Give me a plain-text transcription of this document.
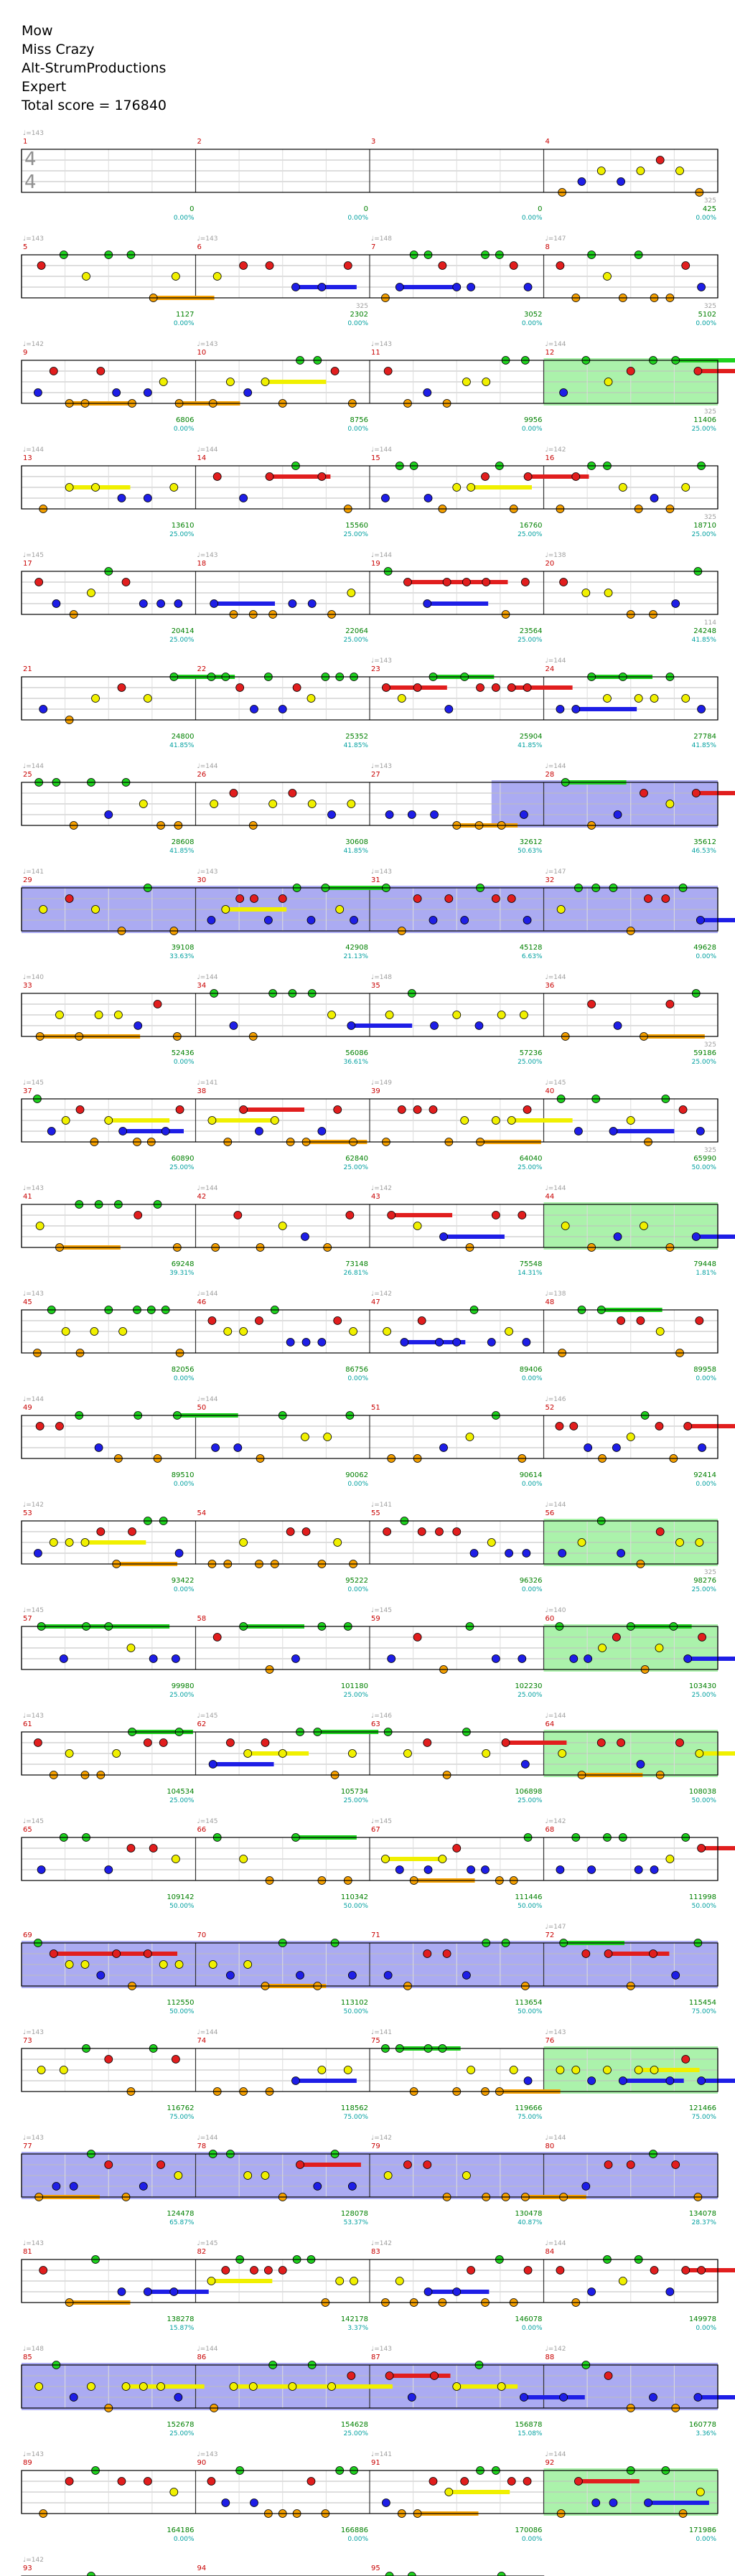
Mow
Miss Crazy
Alt-StrumProductions
Expert
Total score = 176840
♩=143
1
0
0.00%
2
0
0.00%
3
0
0.00%
4
325
425
0.00%
♩=143
5
1127
0.00%
♩=143
6
325
2302
0.00%
♩=148
7
3052
0.00%
♩=147
8
325
5102
0.00%
♩=142
9
6806
0.00%
♩=143
10
8756
0.00%
♩=143
11
9956
0.00%
♩=144
12
325
11406
25.00%
♩=144
13
13610
25.00%
♩=144
14
15560
25.00%
♩=144
15
16760
25.00%
♩=142
16
325
18710
25.00%
♩=145
17
20414
25.00%
♩=143
18
22064
25.00%
♩=144
19
23564
25.00%
♩=138
20
114
24248
41.85%
21
24800
41.85%
22
25352
41.85%
♩=143
23
25904
41.85%
♩=144
24
27784
41.85%
♩=144
25
28608
41.85%
♩=144
26
30608
41.85%
♩=143
27
32612
50.63%
♩=144
28
35612
46.53%
♩=141
29
39108
33.63%
♩=143
30
42908
21.13%
♩=143
31
45128
6.63%
♩=147
32
49628
0.00%
♩=140
33
52436
0.00%
♩=144
34
56086
36.61%
♩=148
35
57236
25.00%
♩=144
36
325
59186
25.00%
♩=145
37
60890
25.00%
♩=141
38
62840
25.00%
♩=149
39
64040
25.00%
♩=145
40
325
65990
50.00%
♩=143
41
69248
39.31%
♩=144
42
73148
26.81%
♩=142
43
75548
14.31%
♩=144
44
79448
1.81%
♩=143
45
82056
0.00%
♩=144
46
86756
0.00%
♩=142
47
89406
0.00%
♩=138
48
89958
0.00%
♩=144
49
89510
0.00%
♩=144
50
90062
0.00%
51
90614
0.00%
♩=146
52
92414
0.00%
♩=142
53
93422
0.00%
54
95222
0.00%
♩=141
55
96326
0.00%
♩=144
56
325
98276
25.00%
♩=145
57
99980
25.00%
58
101180
25.00%
♩=145
59
102230
25.00%
♩=140
60
103430
25.00%
♩=143
61
104534
25.00%
♩=145
62
105734
25.00%
♩=146
63
106898
25.00%
♩=144
64
108038
50.00%
♩=145
65
109142
50.00%
♩=145
66
110342
50.00%
♩=145
67
111446
50.00%
♩=142
68
111998
50.00%
69
112550
50.00%
70
113102
50.00%
71
113654
50.00%
♩=147
72
115454
75.00%
♩=143
73
116762
75.00%
♩=144
74
118562
75.00%
♩=141
75
119666
75.00%
♩=143
76
121466
75.00%
♩=143
77
124478
65.87%
♩=144
78
128078
53.37%
♩=142
79
130478
40.87%
♩=144
80
134078
28.37%
♩=143
81
138278
15.87%
♩=145
82
142178
3.37%
♩=142
83
146078
0.00%
♩=144
84
149978
0.00%
♩=148
85
152678
25.00%
♩=144
86
154628
25.00%
♩=143
87
156878
15.08%
♩=142
88
160778
3.36%
♩=143
89
164186
0.00%
♩=143
90
166886
0.00%
♩=141
91
170086
0.00%
♩=144
92
171986
0.00%
♩=142
93	94	95
4
4
